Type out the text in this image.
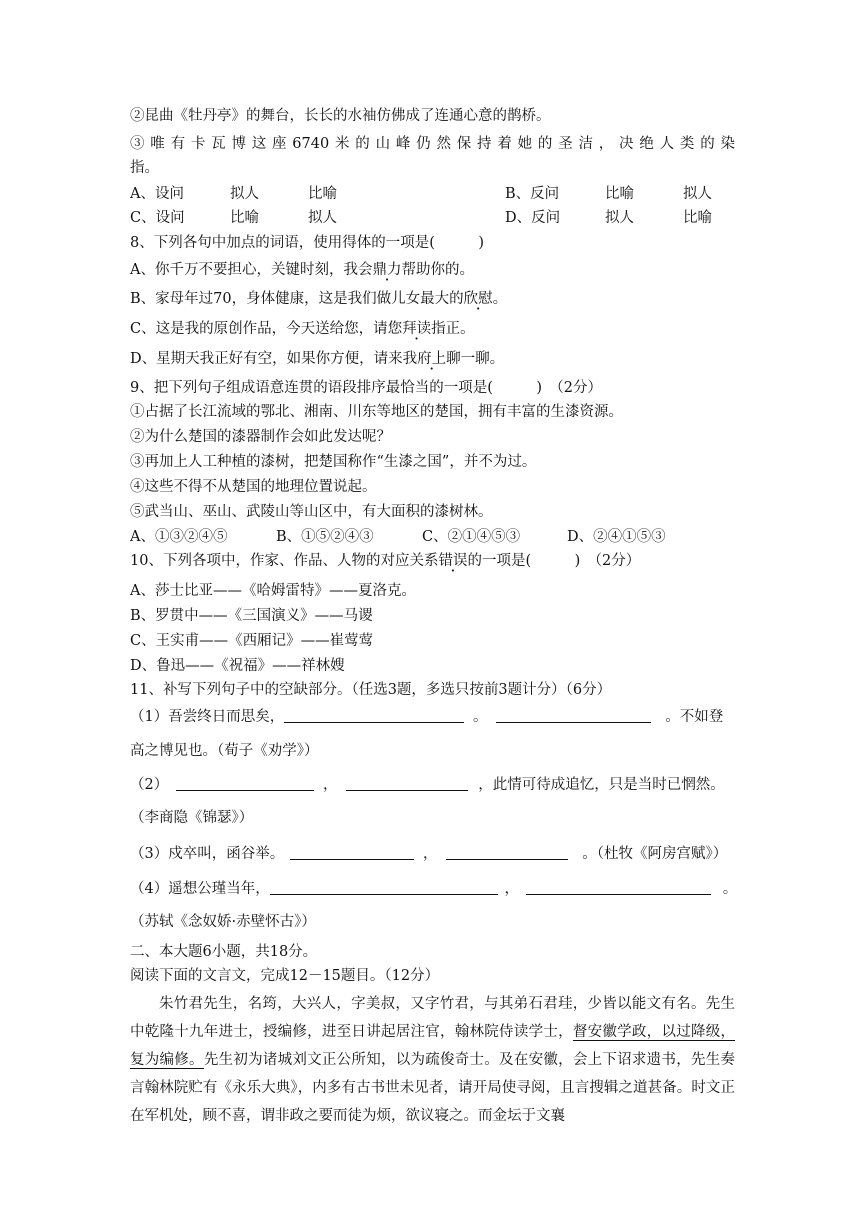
②昆曲《牡丹亭》的舞台，长长的水袖仿佛成了连通心意的鹊桥。
③唯有卡瓦博这座6740米的山峰仍然保持着她的圣洁，决绝人类的染
指。
A、设问	拟人	比喻	B、反问	比喻	拟人
C、设问	比喻	拟人	D、反问	拟人	比喻
8、下列各句中加点的词语，使用得体的一项是(　　　)
A、你千万不要担心，关键时刻，我会鼎力帮助你的。
B、家母年过70，身体健康，这是我们做儿女最大的欣慰。
C、这是我的原创作品，今天送给您，请您拜读指正。
D、星期天我正好有空，如果你方便，请来我府上聊一聊。
9、把下列句子组成语意连贯的语段排序最恰当的一项是(　　　)　（2分）
①占据了长江流域的鄂北、湘南、川东等地区的楚国，拥有丰富的生漆资源。
②为什么楚国的漆器制作会如此发达呢？
③再加上人工种植的漆树，把楚国称作“生漆之国”，并不为过。
④这些不得不从楚国的地理位置说起。
⑤武当山、巫山、武陵山等山区中，有大面积的漆树林。
A、①③②④⑤	B、①⑤②④③	C、②①④⑤③	D、②④①⑤③
10、下列各项中，作家、作品、人物的对应关系错误的一项是(　　　)　（2分）
A、莎士比亚——《哈姆雷特》——夏洛克。
B、罗贯中——《三国演义》——马谡
C、王实甫——《西厢记》——崔莺莺
D、鲁迅——《祝福》——祥林嫂
11、补写下列句子中的空缺部分。（任选3题，多选只按前3题计分）（6分）
（1）吾尝终日而思矣，	。	。不如登
高之博见也。（荀子《劝学》）
（2）	，	，此情可待成追忆，只是当时已惘然。
（李商隐《锦瑟》）
（3）戍卒叫，函谷举。	，	。（杜牧《阿房宫赋》）
（4）遥想公瑾当年，	，	。
（苏轼《念奴娇·赤壁怀古》）
二、本大题6小题，共18分。
阅读下面的文言文，完成12－15题目。（12分）
朱竹君先生，名筠，大兴人，字美叔，又字竹君，与其弟石君珪，少皆以能文有名。先生中乾隆十九年进士，授编修，进至日讲起居注官，翰林院侍读学士，督安徽学政，以过降级，复为编修。先生初为诸城刘文正公所知，以为疏俊奇士。及在安徽，会上下诏求遗书，先生奏言翰林院贮有《永乐大典》，内多有古书世未见者，请开局使寻阅，且言搜辑之道甚备。时文正在军机处，顾不喜，谓非政之要而徒为烦，欲议寝之。而金坛于文襄
